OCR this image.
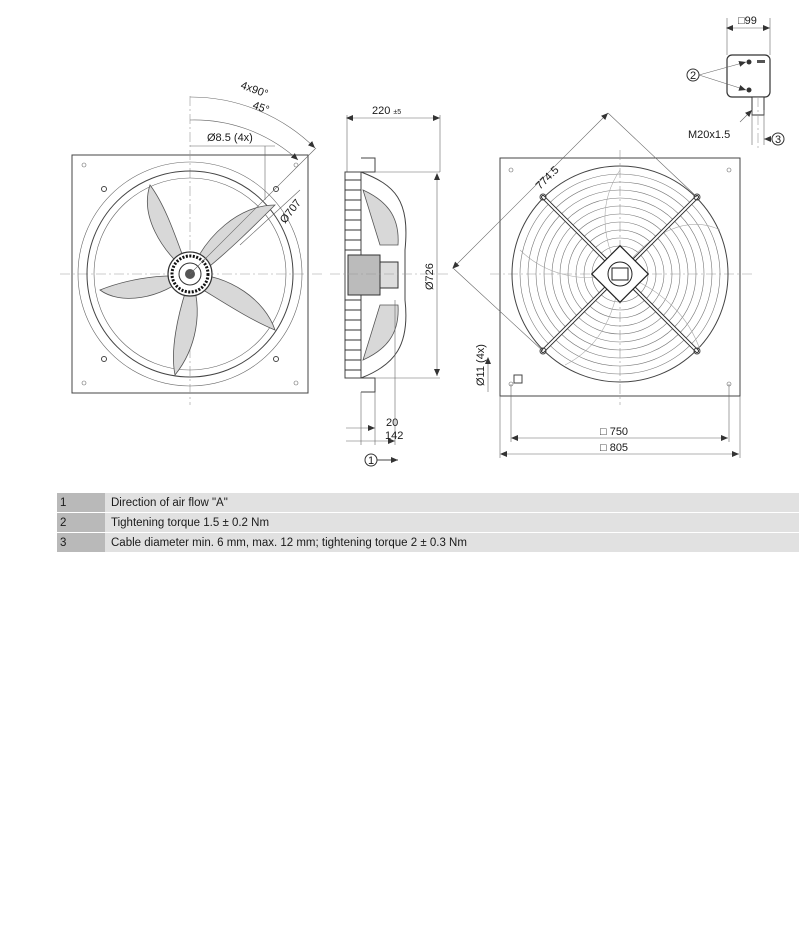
4x90°
45°
Ø8.5 (4x)
Ø707
220 ±5
Ø726
20
142
1
774.5
Ø11 (4x)
□ 750
□ 805
□99
2
M20x1.5	3
1	Direction of air flow "A"
2	Tightening torque 1.5 ± 0.2 Nm
3	Cable diameter min. 6 mm, max. 12 mm; tightening torque 2 ± 0.3 Nm
